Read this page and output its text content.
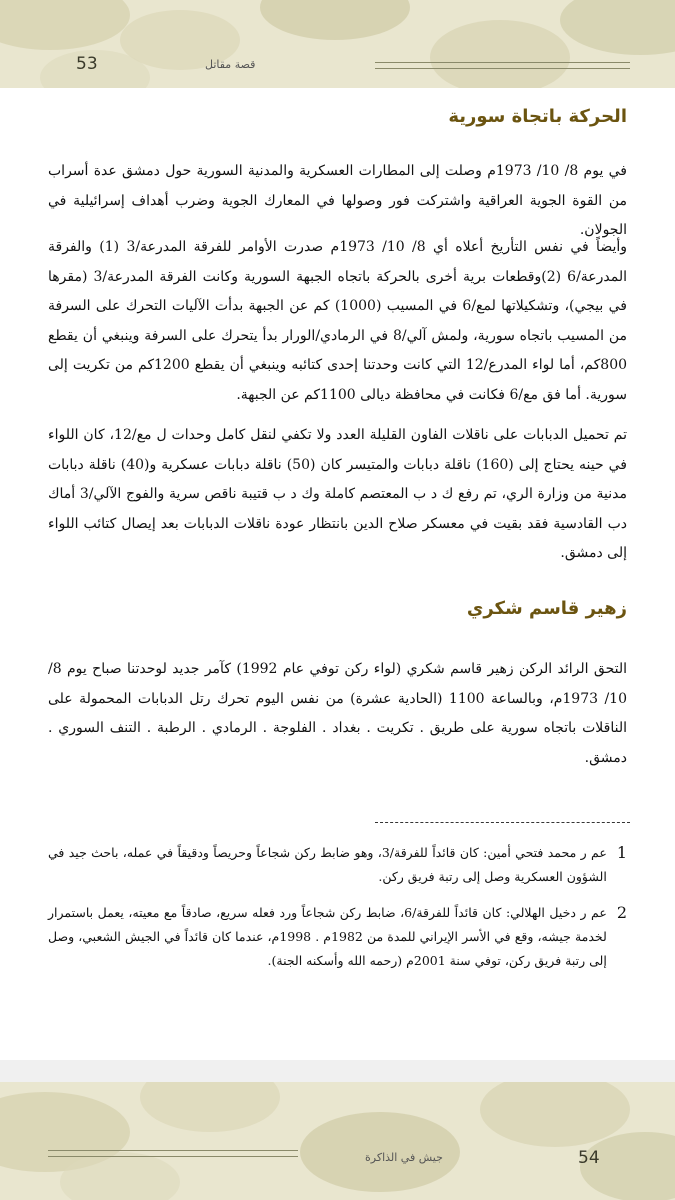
53	قصة مقاتل
الحركة باتجاة سورية

في يوم 8/ 10/ 1973م وصلت إلى المطارات العسكرية والمدنية السورية حول دمشق عدة أسراب من القوة الجوية العراقية واشتركت فور وصولها في المعارك الجوية وضرب أهداف إسرائيلية في الجولان.

وأيضاً في نفس التأريخ أعلاه أي 8/ 10/ 1973م صدرت الأوامر للفرقة المدرعة/3 (1) والفرقة المدرعة/6 (2)وقطعات برية أخرى بالحركة باتجاه الجبهة السورية وكانت الفرقة المدرعة/3 (مقرها في بيجي)، وتشكيلاتها لمع/6 في المسيب (1000) كم عن الجبهة بدأت الآليات التحرك على السرفة من المسيب باتجاه سورية، ولمش آلي/8 في الرمادي/الورار بدأ يتحرك على السرفة وينبغي أن يقطع 800كم، أما لواء المدرع/12 التي كانت وحدتنا إحدى كتائبه وينبغي أن يقطع 1200كم من تكريت إلى سورية. أما فق مع/6 فكانت في محافظة ديالى 1100كم عن الجبهة.

تم تحميل الدبابات على ناقلات الفاون القليلة العدد ولا تكفي لنقل كامل وحدات ل مع/12، كان اللواء في حينه يحتاج إلى (160) ناقلة دبابات والمتيسر كان (50) ناقلة دبابات عسكرية و(40) ناقلة دبابات مدنية من وزارة الري، تم رفع ك د ب المعتصم كاملة وك د ب قتيبة ناقص سرية والفوج الآلي/3 أماك دب القادسية فقد بقيت في معسكر صلاح الدين بانتظار عودة ناقلات الدبابات بعد إيصال كتائب اللواء إلى دمشق.

زهير قاسم شكري

التحق الرائد الركن زهير قاسم شكري (لواء ركن توفي عام 1992) كآمر جديد لوحدتنا صباح يوم 8/ 10/ 1973م، وبالساعة 1100 (الحادية عشرة) من نفس اليوم تحرك رتل الدبابات المحمولة على الناقلات باتجاه سورية على طريق . تكريت . بغداد . الفلوجة . الرمادي . الرطبة . التنف السوري . دمشق.

1
عم ر محمد فتحي أمين: كان قائداً للفرقة/3، وهو ضابط ركن شجاعاً وحريصاً ودقيقاً في عمله، باحث جيد في الشؤون العسكرية وصل إلى رتبة فريق ركن.
2
عم ر دخيل الهلالي: كان قائداً للفرقة/6، ضابط ركن شجاعاً ورد فعله سريع، صادقاً مع معيته، يعمل باستمرار لخدمة جيشه، وقع في الأسر الإيراني للمدة من 1982م . 1998م، عندما كان قائداً في الجيش الشعبي، وصل إلى رتبة فريق ركن، توفي سنة 2001م (رحمه الله وأسكنه الجنة).
جيش في الذاكرة	54
